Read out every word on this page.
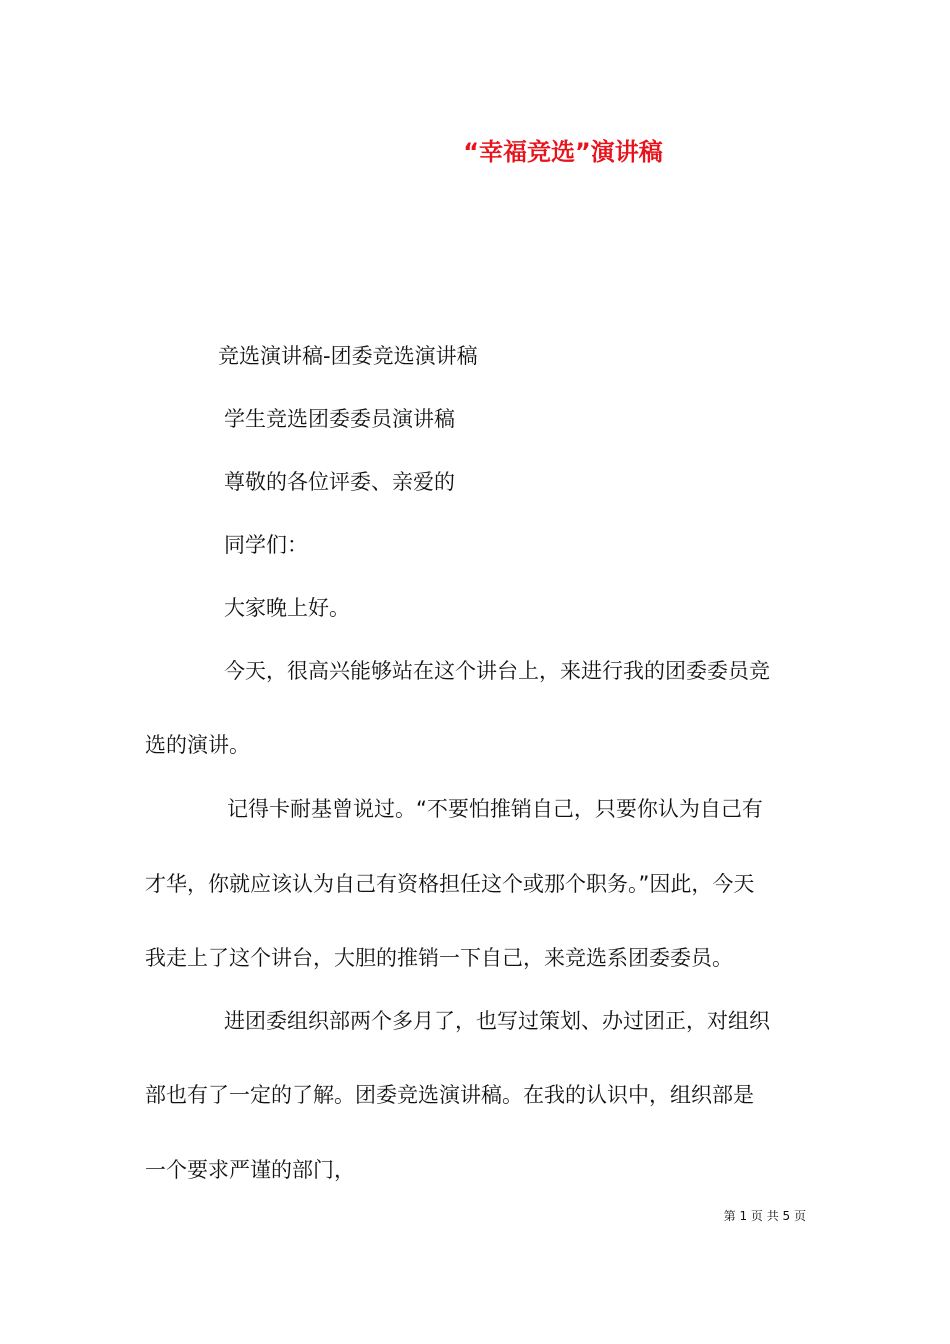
“幸福竞选”演讲稿
竞选演讲稿-团委竞选演讲稿
学生竞选团委委员演讲稿
尊敬的各位评委、亲爱的
同学们：
大家晚上好。
今天，很高兴能够站在这个讲台上，来进行我的团委委员竞
选的演讲。
记得卡耐基曾说过。“不要怕推销自己，只要你认为自己有
才华，你就应该认为自己有资格担任这个或那个职务。”因此，今天
我走上了这个讲台，大胆的推销一下自己，来竞选系团委委员。
进团委组织部两个多月了，也写过策划、办过团正，对组织
部也有了一定的了解。团委竞选演讲稿。在我的认识中，组织部是
一个要求严谨的部门，
第 1 页 共 5 页
